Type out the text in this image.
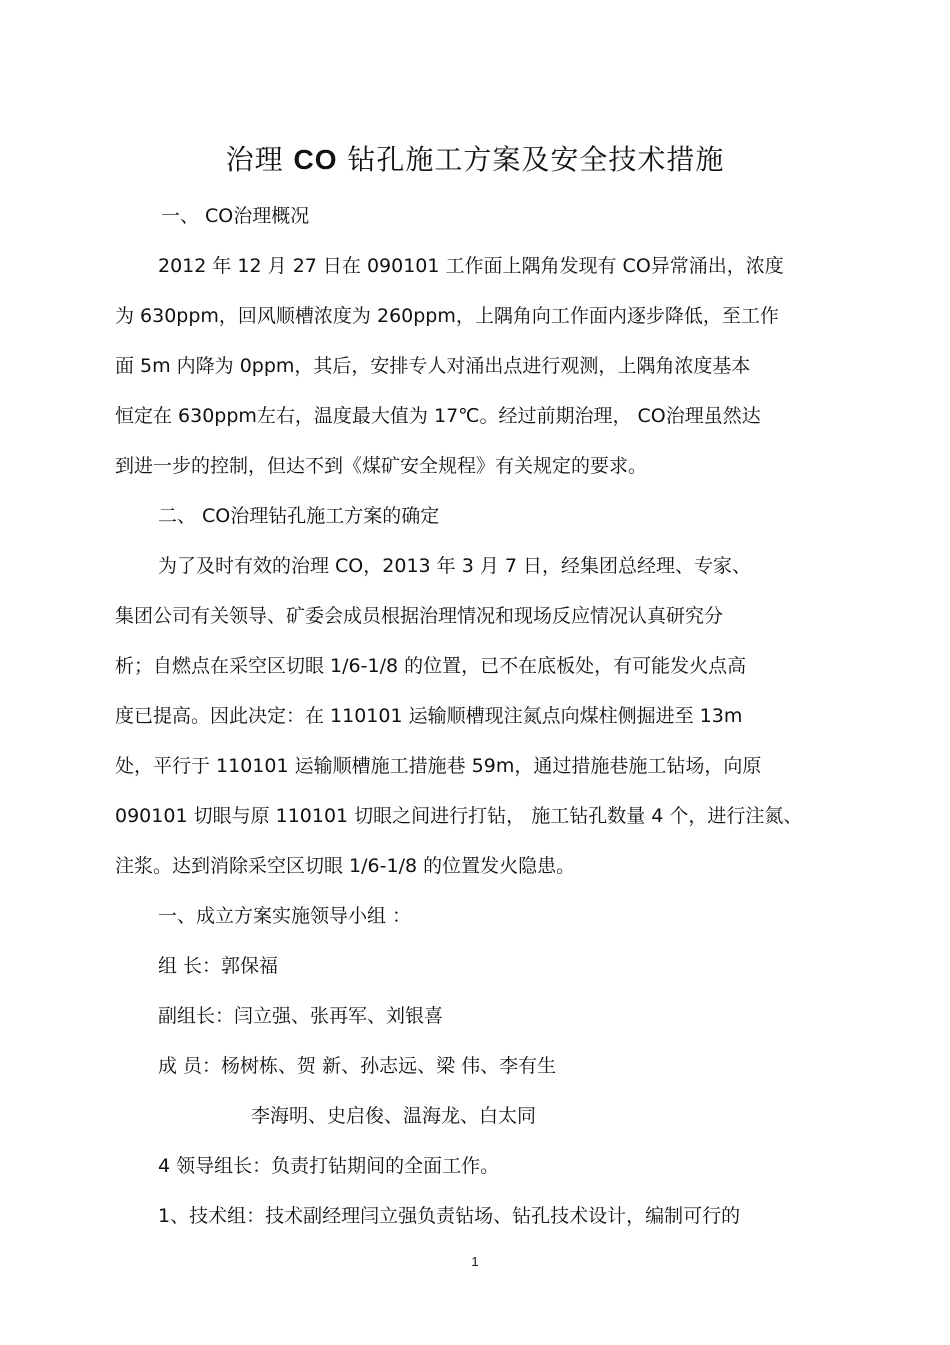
治理 CO 钻孔施工方案及安全技术措施
一、 CO治理概况
2012 年 12 月 27 日在 090101 工作面上隅角发现有 CO异常涌出，浓度
为 630ppm，回风顺槽浓度为 260ppm，上隅角向工作面内逐步降低，至工作
面 5m 内降为 0ppm，其后，安排专人对涌出点进行观测，上隅角浓度基本
恒定在 630ppm左右，温度最大值为 17℃。经过前期治理， CO治理虽然达
到进一步的控制，但达不到《煤矿安全规程》有关规定的要求。
二、 CO治理钻孔施工方案的确定
为了及时有效的治理 CO，2013 年 3 月 7 日，经集团总经理、专家、
集团公司有关领导、矿委会成员根据治理情况和现场反应情况认真研究分
析；自燃点在采空区切眼 1/6-1/8 的位置，已不在底板处，有可能发火点高
度已提高。因此决定：在 110101 运输顺槽现注氮点向煤柱侧掘进至 13m
处，平行于 110101 运输顺槽施工措施巷 59m，通过措施巷施工钻场，向原
090101 切眼与原 110101 切眼之间进行打钻， 施工钻孔数量 4 个，进行注氮、
注浆。达到消除采空区切眼 1/6-1/8 的位置发火隐患。
一、成立方案实施领导小组 ：
组 长：郭保福
副组长：闫立强、张再军、刘银喜
成 员：杨树栋、贺 新、孙志远、梁 伟、李有生
李海明、史启俊、温海龙、白太同
4 领导组长：负责打钻期间的全面工作。
1、技术组：技术副经理闫立强负责钻场、钻孔技术设计，编制可行的
1
